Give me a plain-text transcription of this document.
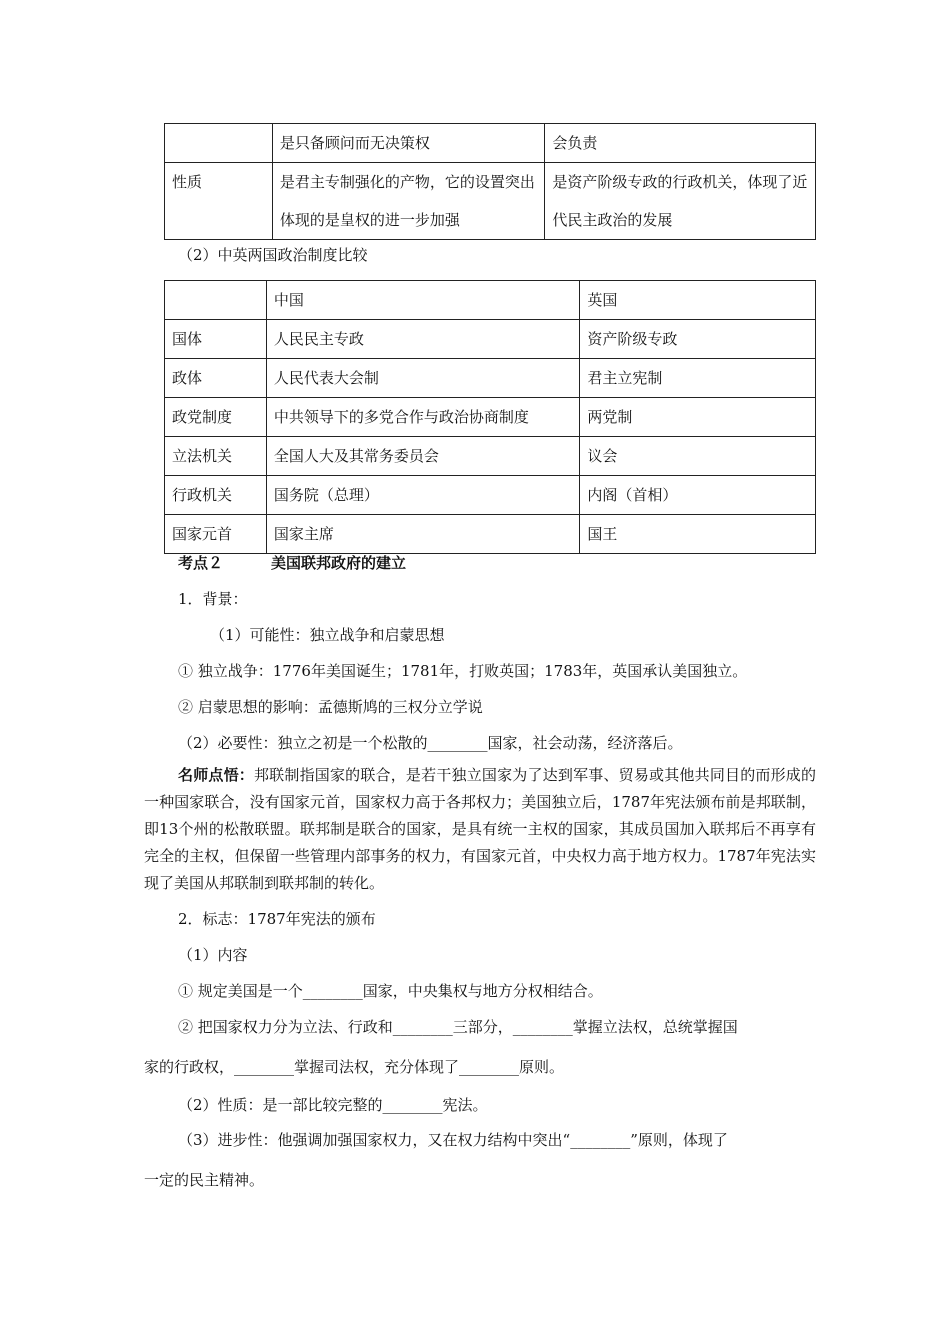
	是只备顾问而无决策权	会负责
性质	是君主专制强化的产物，它的设置突出体现的是皇权的进一步加强	是资产阶级专政的行政机关，体现了近代民主政治的发展
（2）中英两国政治制度比较
	中国	英国
国体	人民民主专政	资产阶级专政
政体	人民代表大会制	君主立宪制
政党制度	中共领导下的多党合作与政治协商制度	两党制
立法机关	全国人大及其常务委员会	议会
行政机关	国务院（总理）	内阁（首相）
国家元首	国家主席	国王
考点２	美国联邦政府的建立
1．背景：
（1）可能性：独立战争和启蒙思想
① 独立战争：1776年美国诞生；1781年，打败英国；1783年，英国承认美国独立。
② 启蒙思想的影响：孟德斯鸠的三权分立学说
（2）必要性：独立之初是一个松散的________国家，社会动荡，经济落后。
名师点悟：邦联制指国家的联合，是若干独立国家为了达到军事、贸易或其他共同目的而形成的一种国家联合，没有国家元首，国家权力高于各邦权力；美国独立后，1787年宪法颁布前是邦联制，即13个州的松散联盟。联邦制是联合的国家，是具有统一主权的国家，其成员国加入联邦后不再享有完全的主权，但保留一些管理内部事务的权力，有国家元首，中央权力高于地方权力。1787年宪法实现了美国从邦联制到联邦制的转化。
2．标志：1787年宪法的颁布
（1）内容
① 规定美国是一个________国家，中央集权与地方分权相结合。
② 把国家权力分为立法、行政和________三部分，________掌握立法权，总统掌握国
家的行政权，________掌握司法权，充分体现了________原则。
（2）性质：是一部比较完整的________宪法。
（3）进步性：他强调加强国家权力，又在权力结构中突出“________”原则，体现了
一定的民主精神。
